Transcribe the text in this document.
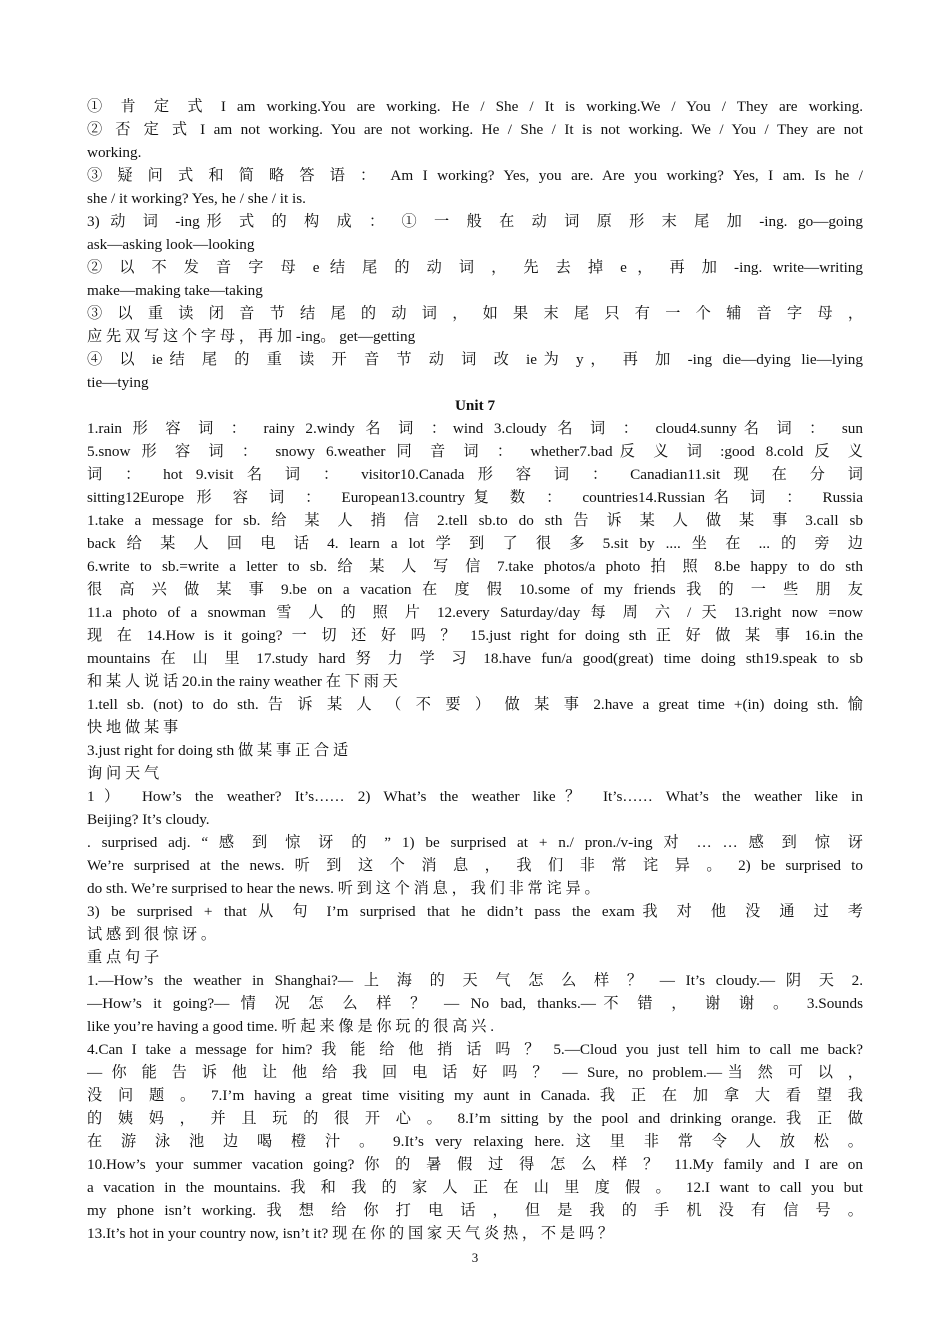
① 肯 定 式 I am working.You are working. He / She / It is working.We / You / They are working.
② 否 定 式 I am not working. You are not working. He / She / It is not working. We / You / They are not
working.
③ 疑 问 式 和 简 略 答 语 ： Am I working? Yes, you are. Are you working? Yes, I am. Is he /
she / it working? Yes, he / she / it is.
3) 动 词 -ing形 式 的 构 成 ： ① 一 般 在 动 词 原 形 末 尾 加 -ing. go—going
ask—asking look—looking
② 以 不 发 音 字 母 e 结 尾 的 动 词 ， 先 去 掉 e ， 再 加 -ing. write—writing
make—making take—taking
③ 以 重 读 闭 音 节 结 尾 的 动 词 ， 如 果 末 尾 只 有 一 个 辅 音 字 母 ，
应 先 双 写 这 个 字 母 ， 再 加 -ing。 get—getting
④ 以 ie结 尾 的 重 读 开 音 节 动 词 改 ie为 y， 再 加 -ing die—dying lie—lying
tie—tying
Unit 7
1.rain 形 容 词 ： rainy 2.windy 名 词 ：wind 3.cloudy 名 词 ： cloud4.sunny名 词 ： sun
5.snow 形 容 词 ： snowy 6.weather 同 音 词 ： whether7.bad反 义 词 :good 8.cold 反 义
词 ： hot 9.visit 名 词 ： visitor10.Canada 形 容 词 ： Canadian11.sit 现 在 分 词
sitting12Europe 形 容 词 ： European13.country复 数 ： countries14.Russian名 词 ： Russia
1.take a message for sb. 给 某 人 捎 信 2.tell sb.to do sth 告 诉 某 人 做 某 事 3.call sb
back 给 某 人 回 电 话 4. learn a lot 学 到 了 很 多 5.sit by .... 坐 在 ... 的 旁 边
6.write to sb.=write a letter to sb. 给 某 人 写 信 7.take photos/a photo 拍 照 8.be happy to do sth
很 高 兴 做 某 事 9.be on a vacation 在 度 假 10.some of my friends 我 的 一 些 朋 友
11.a photo of a snowman 雪 人 的 照 片 12.every Saturday/day 每 周 六 / 天 13.right now =now
现 在 14.How is it going? 一 切 还 好 吗 ？ 15.just right for doing sth 正 好 做 某 事 16.in the
mountains 在 山 里 17.study hard 努 力 学 习 18.have fun/a good(great) time doing sth19.speak to sb
和 某 人 说 话 20.in the rainy weather 在 下 雨 天
1.tell sb. (not) to do sth. 告 诉 某 人 （ 不 要 ） 做 某 事 2.have a great time +(in) doing sth. 愉
快 地 做 某 事
3.just right for doing sth 做 某 事 正 合 适
询 问 天 气
1） How’s the weather? It’s…… 2) What’s the weather like？ It’s…… What’s the weather like in
Beijing? It’s cloudy.
. surprised adj. “ 感 到 惊 讶 的 ” 1) be surprised at + n./ pron./v-ing 对 … … 感 到 惊 讶
We’re surprised at the news. 听 到 这 个 消 息 ， 我 们 非 常 诧 异 。 2) be surprised to
do sth. We’re surprised to hear the news. 听 到 这 个 消 息 ， 我 们 非 常 诧 异 。
3) be surprised + that 从 句 I’m surprised that he didn’t pass the exam我 对 他 没 通 过 考
试 感 到 很 惊 讶 。
重 点 句 子
1.—How’s the weather in Shanghai?— 上 海 的 天 气 怎 么 样 ？ — It’s cloudy.— 阴 天 2.
—How’s it going?— 情 况 怎 么 样 ？ — No bad, thanks.—不 错 ， 谢 谢 。 3.Sounds
like you’re having a good time. 听 起 来 像 是 你 玩 的 很 高 兴 .
4.Can I take a message for him? 我 能 给 他 捎 话 吗 ？ 5.—Cloud you just tell him to call me back?
— 你 能 告 诉 他 让 他 给 我 回 电 话 好 吗 ？ — Sure, no problem.—当 然 可 以 ，
没 问 题 。 7.I’m having a great time visiting my aunt in Canada. 我 正 在 加 拿 大 看 望 我
的 姨 妈 ， 并 且 玩 的 很 开 心 。 8.I’m sitting by the pool and drinking orange. 我 正 做
在 游 泳 池 边 喝 橙 汁 。 9.It’s very relaxing here. 这 里 非 常 令 人 放 松 。
10.How’s your summer vacation going? 你 的 暑 假 过 得 怎 么 样 ？ 11.My family and I are on
a vacation in the mountains. 我 和 我 的 家 人 正 在 山 里 度 假 。 12.I want to call you but
my phone isn’t working. 我 想 给 你 打 电 话 ， 但 是 我 的 手 机 没 有 信 号 。
13.It’s hot in your country now, isn’t it? 现 在 你 的 国 家 天 气 炎 热 ， 不 是 吗 ？
3
